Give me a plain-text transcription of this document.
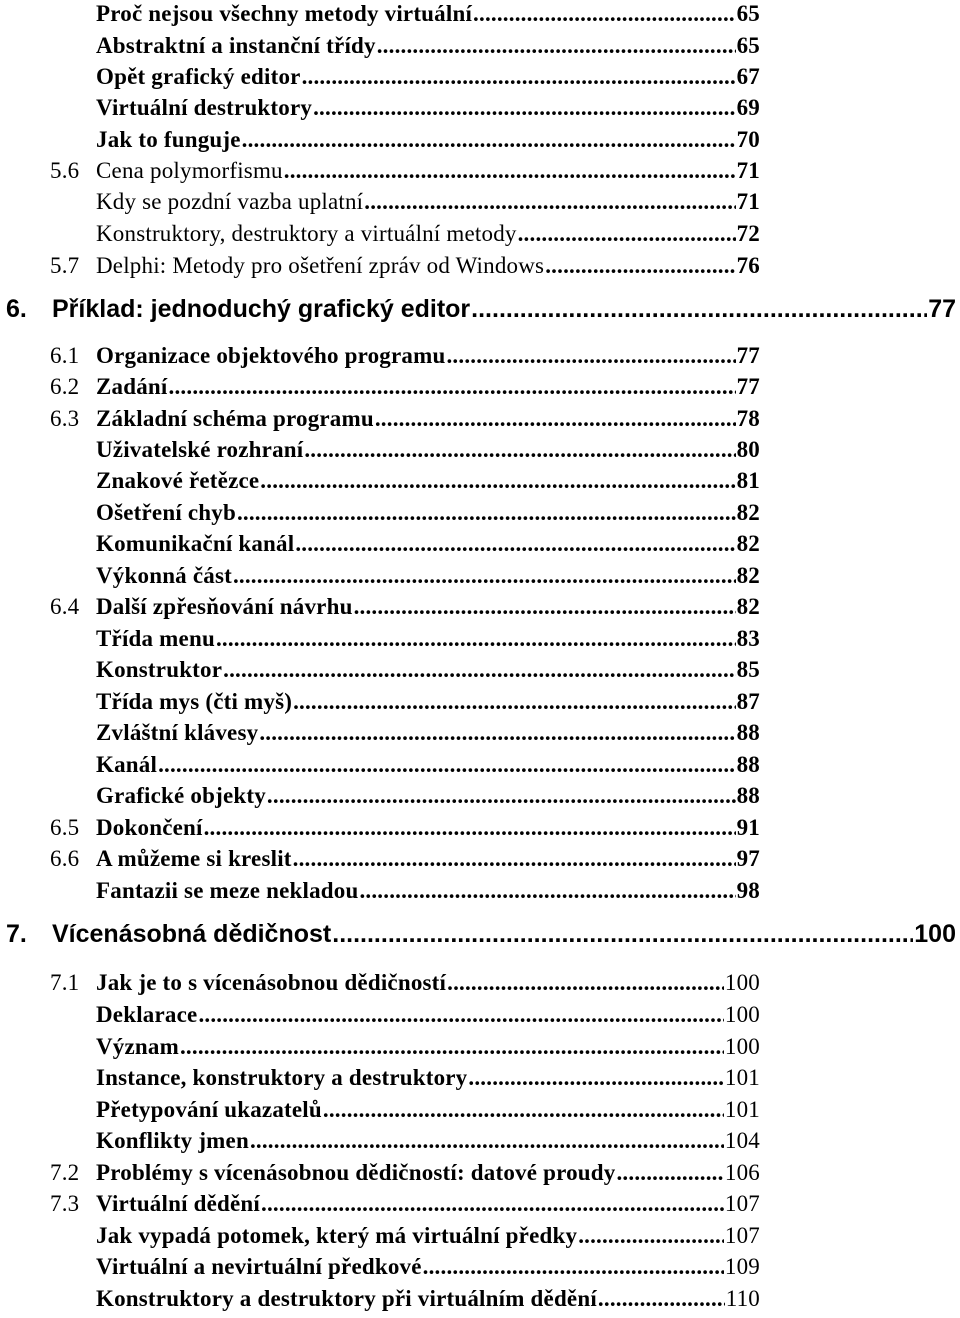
Proč nejsou všechny metody virtuální .....	65
Abstraktní a instanční třídy .....	65
Opět grafický editor .....	67
Virtuální destruktory .....	69
Jak to funguje .....	70
5.6 Cena polymorfismu .....	71
Kdy se pozdní vazba uplatní .....	71
Konstruktory, destruktory a virtuální metody .....	72
5.7 Delphi: Metody pro ošetření zpráv od Windows .....	76
6. Příklad: jednoduchý grafický editor .....	77
6.1 Organizace objektového programu .....	77
6.2 Zadání .....	77
6.3 Základní schéma programu .....	78
Uživatelské rozhraní .....	80
Znakové řetězce .....	81
Ošetření chyb .....	82
Komunikační kanál .....	82
Výkonná část .....	82
6.4 Další zpřesňování návrhu .....	82
Třída menu .....	83
Konstruktor .....	85
Třída mys (čti myš) .....	87
Zvláštní klávesy .....	88
Kanál .....	88
Grafické objekty .....	88
6.5 Dokončení .....	91
6.6 A můžeme si kreslit .....	97
Fantazii se meze nekladou .....	98
7. Vícenásobná dědičnost .....	100
7.1 Jak je to s vícenásobnou dědičností .....	100
Deklarace .....	100
Význam .....	100
Instance, konstruktory a destruktory .....	101
Přetypování ukazatelů .....	101
Konflikty jmen .....	104
7.2 Problémy s vícenásobnou dědičností: datové proudy .....	106
7.3 Virtuální dědění .....	107
Jak vypadá potomek, který má virtuální předky .....	107
Virtuální a nevirtuální předkové .....	109
Konstruktory a destruktory při virtuálním dědění .....	110
